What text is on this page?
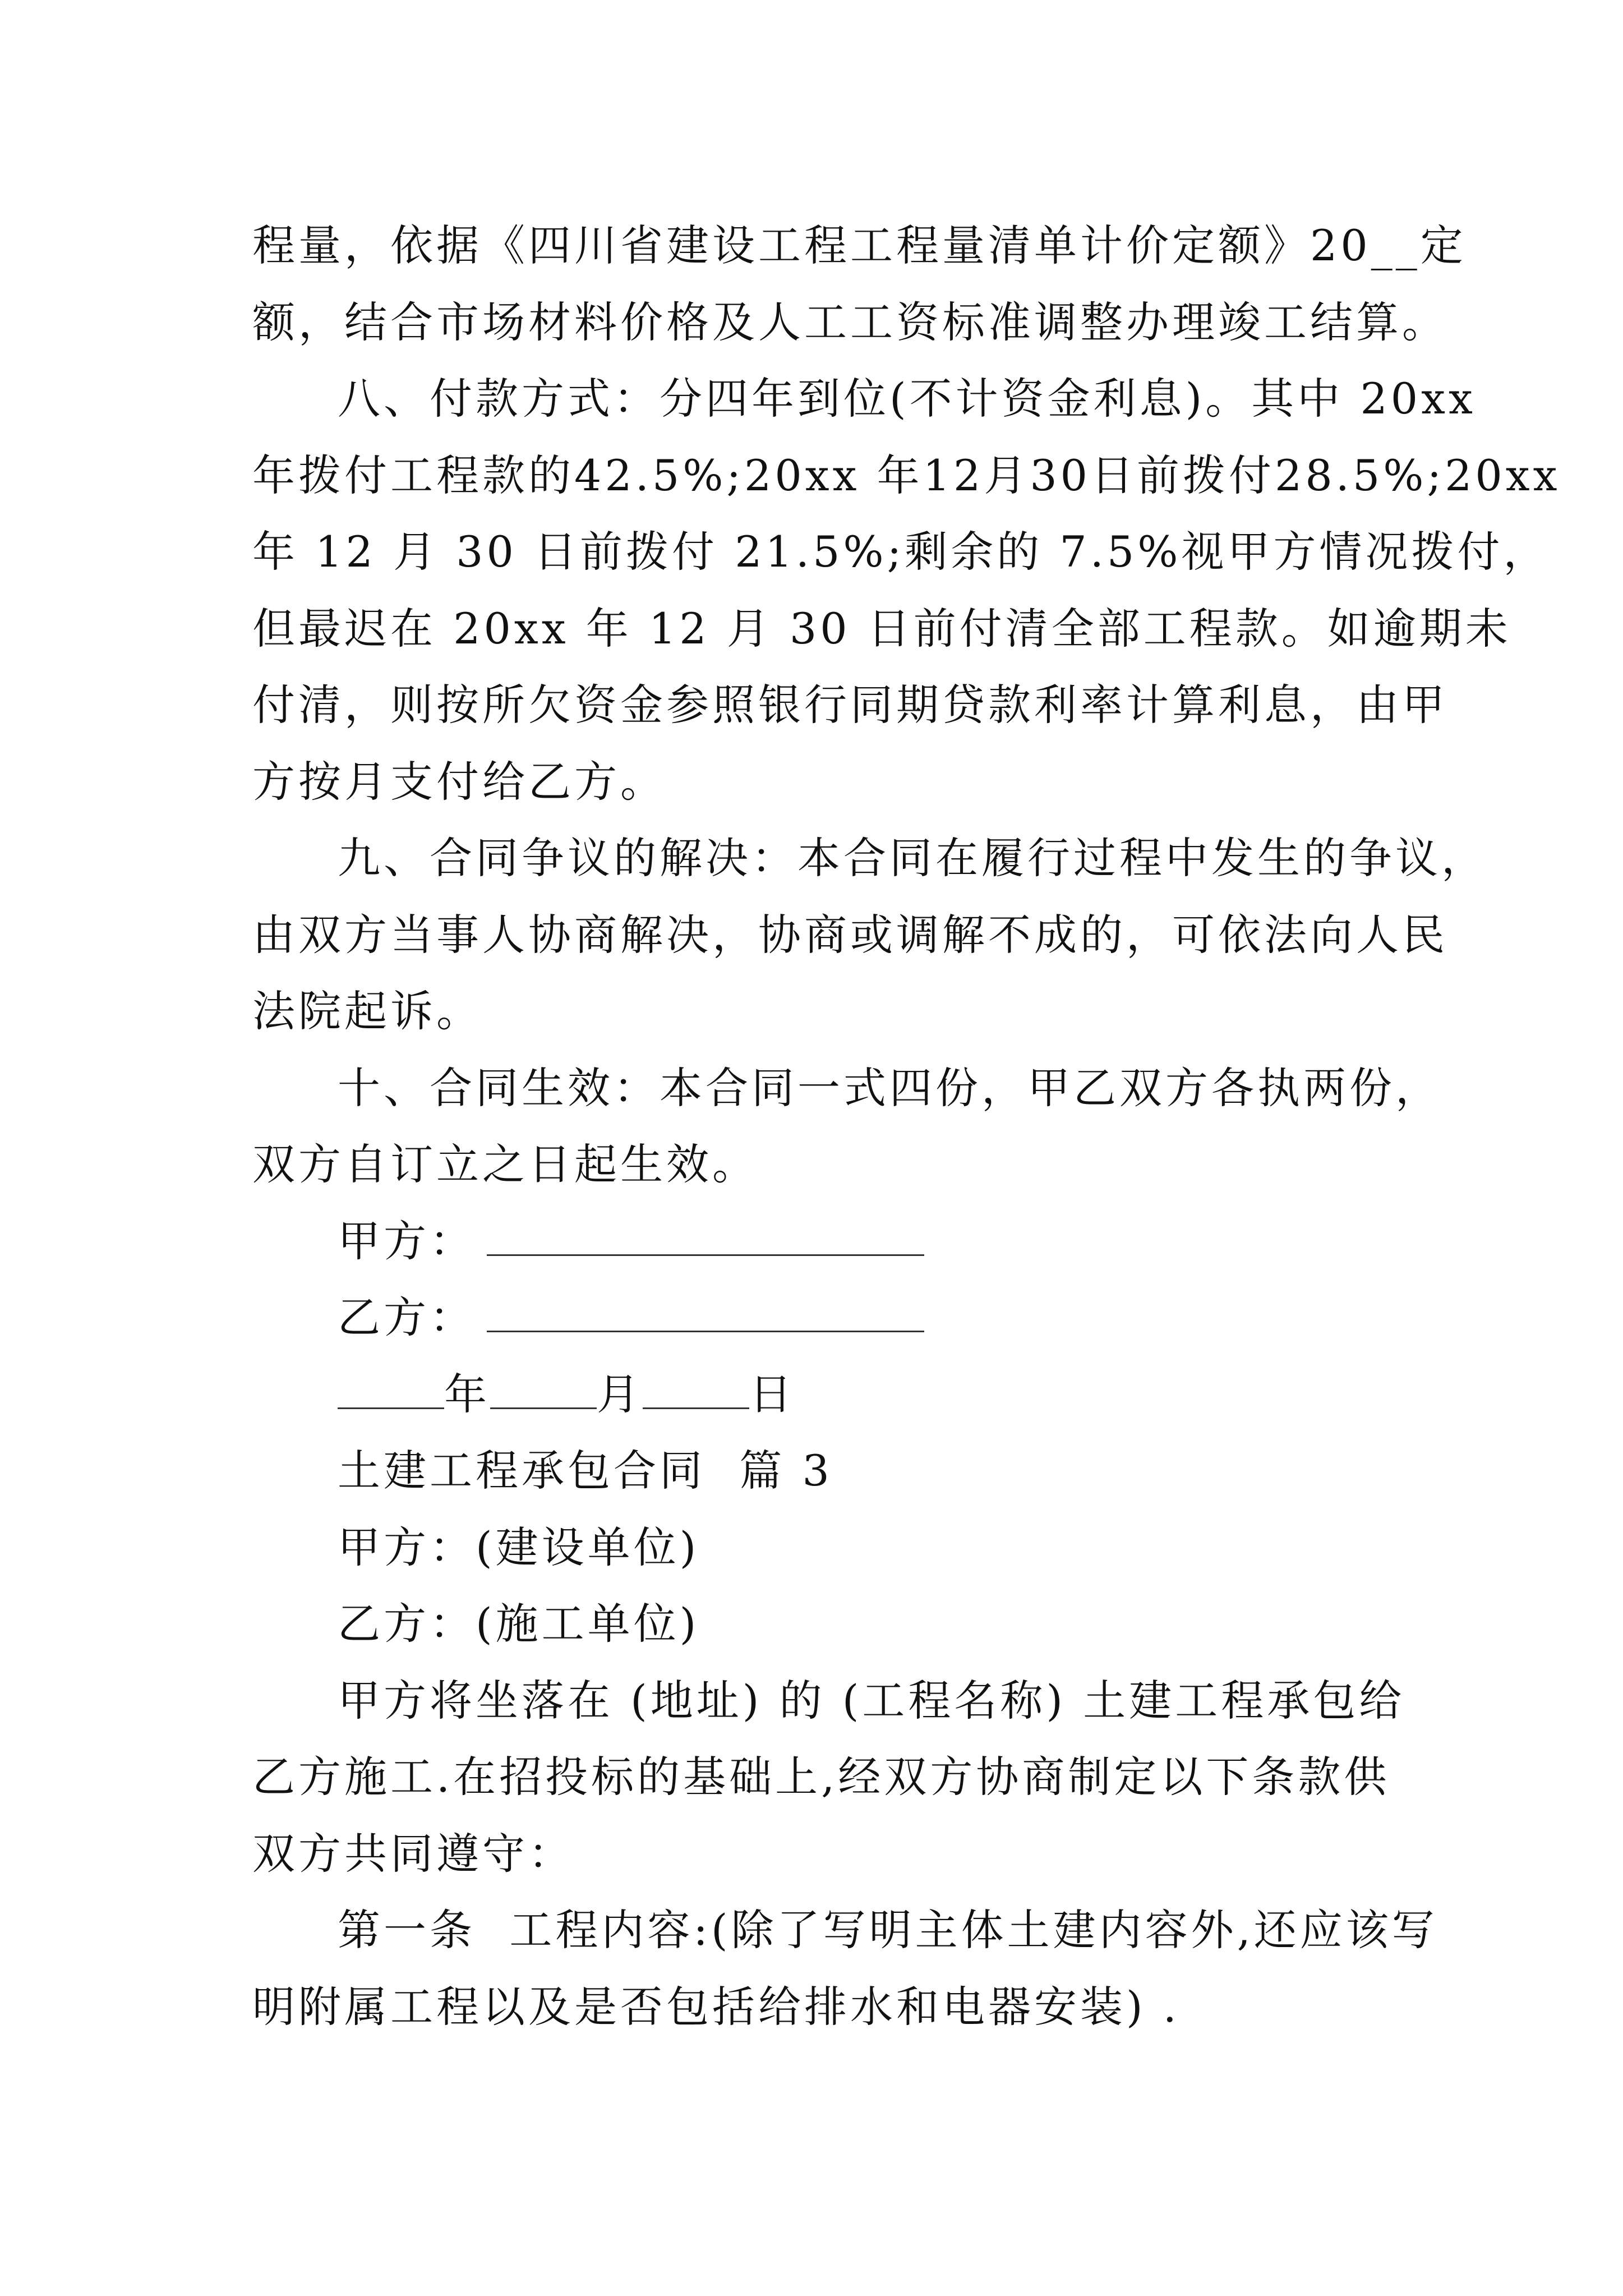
程量，依据《四川省建设工程工程量清单计价定额》20__定
额，结合市场材料价格及人工工资标准调整办理竣工结算。
八、付款方式：分四年到位(不计资金利息)。其中 20xx
年拨付工程款的42.5%;20xx 年12月30日前拨付28.5%;20xx
年 12 月 30 日前拨付 21.5%;剩余的 7.5%视甲方情况拨付，
但最迟在 20xx 年 12 月 30 日前付清全部工程款。如逾期未
付清，则按所欠资金参照银行同期贷款利率计算利息，由甲
方按月支付给乙方。
九、合同争议的解决：本合同在履行过程中发生的争议，
由双方当事人协商解决，协商或调解不成的，可依法向人民
法院起诉。
十、合同生效：本合同一式四份，甲乙双方各执两份，
双方自订立之日起生效。
甲方：
乙方：
年	月	日
土建工程承包合同  篇 3
甲方：(建设单位)
乙方：(施工单位)
甲方将坐落在 (地址) 的 (工程名称) 土建工程承包给
乙方施工.在招投标的基础上,经双方协商制定以下条款供
双方共同遵守：
第一条  工程内容:(除了写明主体土建内容外,还应该写
明附属工程以及是否包括给排水和电器安装) .
